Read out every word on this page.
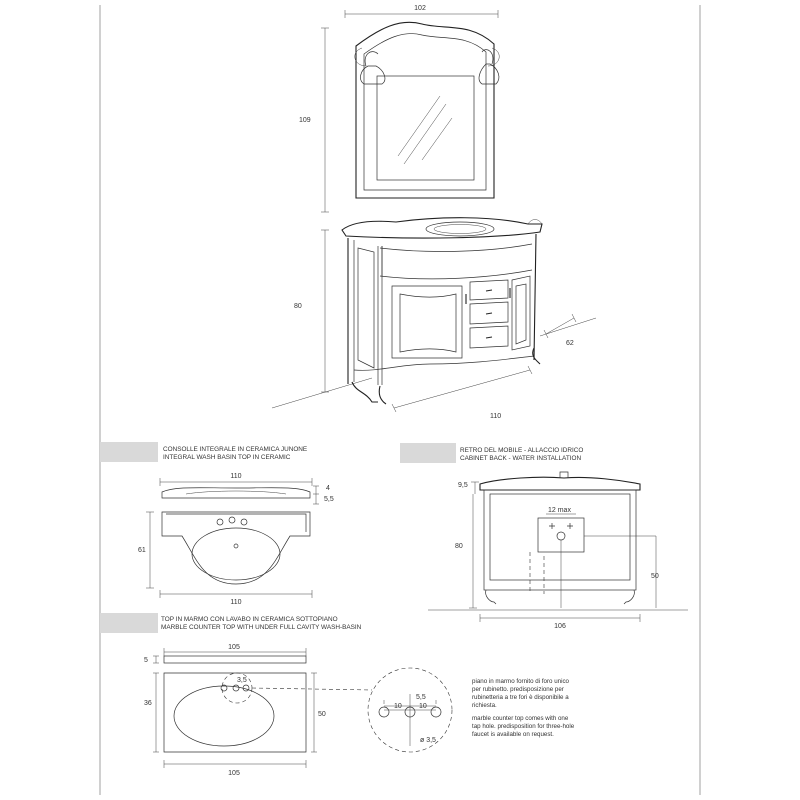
102
109
80
62
110
CONSOLLE INTEGRALE IN CERAMICA JUNONE
INTEGRAL WASH BASIN TOP IN CERAMIC
110
4
5,5
61
110
RETRO DEL MOBILE - ALLACCIO IDRICO
CABINET BACK - WATER INSTALLATION
12 max
9,5
80
50
106
TOP IN MARMO CON LAVABO IN CERAMICA SOTTOPIANO
MARBLE COUNTER TOP WITH UNDER FULL CAVITY WASH-BASIN
105
5
3,5
36
50
105
10 10
5,5
ø 3,5
piano in marmo fornito di foro unico
per rubinetto. predisposizione per
rubinetteria a tre fori è disponibile a
richiesta.
marble counter top comes with one
tap hole. predisposition for three-hole
faucet is available on request.
